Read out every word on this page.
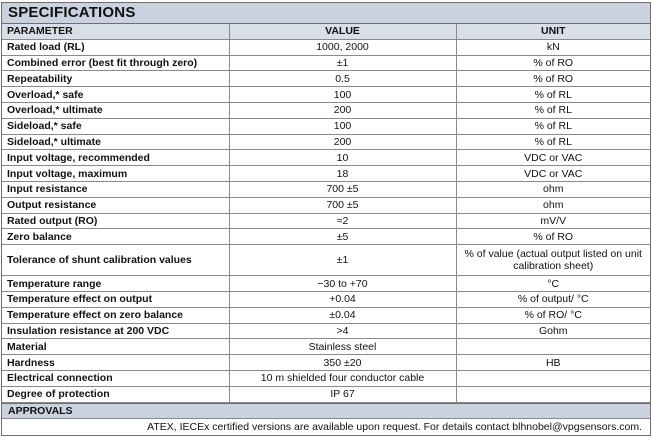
SPECIFICATIONS
PARAMETER	VALUE	UNIT
Rated load (RL)	1000, 2000	kN
Combined error (best fit through zero)	±1	% of RO
Repeatability	0.5	% of RO
Overload,* safe	100	% of RL
Overload,* ultimate	200	% of RL
Sideload,* safe	100	% of RL
Sideload,* ultimate	200	% of RL
Input voltage, recommended	10	VDC or VAC
Input voltage, maximum	18	VDC or VAC
Input resistance	700 ±5	ohm
Output resistance	700 ±5	ohm
Rated output (RO)	≈2	mV/V
Zero balance	±5	% of RO
Tolerance of shunt calibration values	±1	% of value (actual output listed on unit calibration sheet)
Temperature range	−30 to +70	°C
Temperature effect on output	+0.04	% of output/ °C
Temperature effect on zero balance	±0.04	% of RO/ °C
Insulation resistance at 200 VDC	>4	Gohm
Material	Stainless steel	
Hardness	350 ±20	HB
Electrical connection	10 m shielded four conductor cable	
Degree of protection	IP 67	
APPROVALS
ATEX, IECEx certified versions are available upon request. For details contact blhnobel@vpgsensors.com.
